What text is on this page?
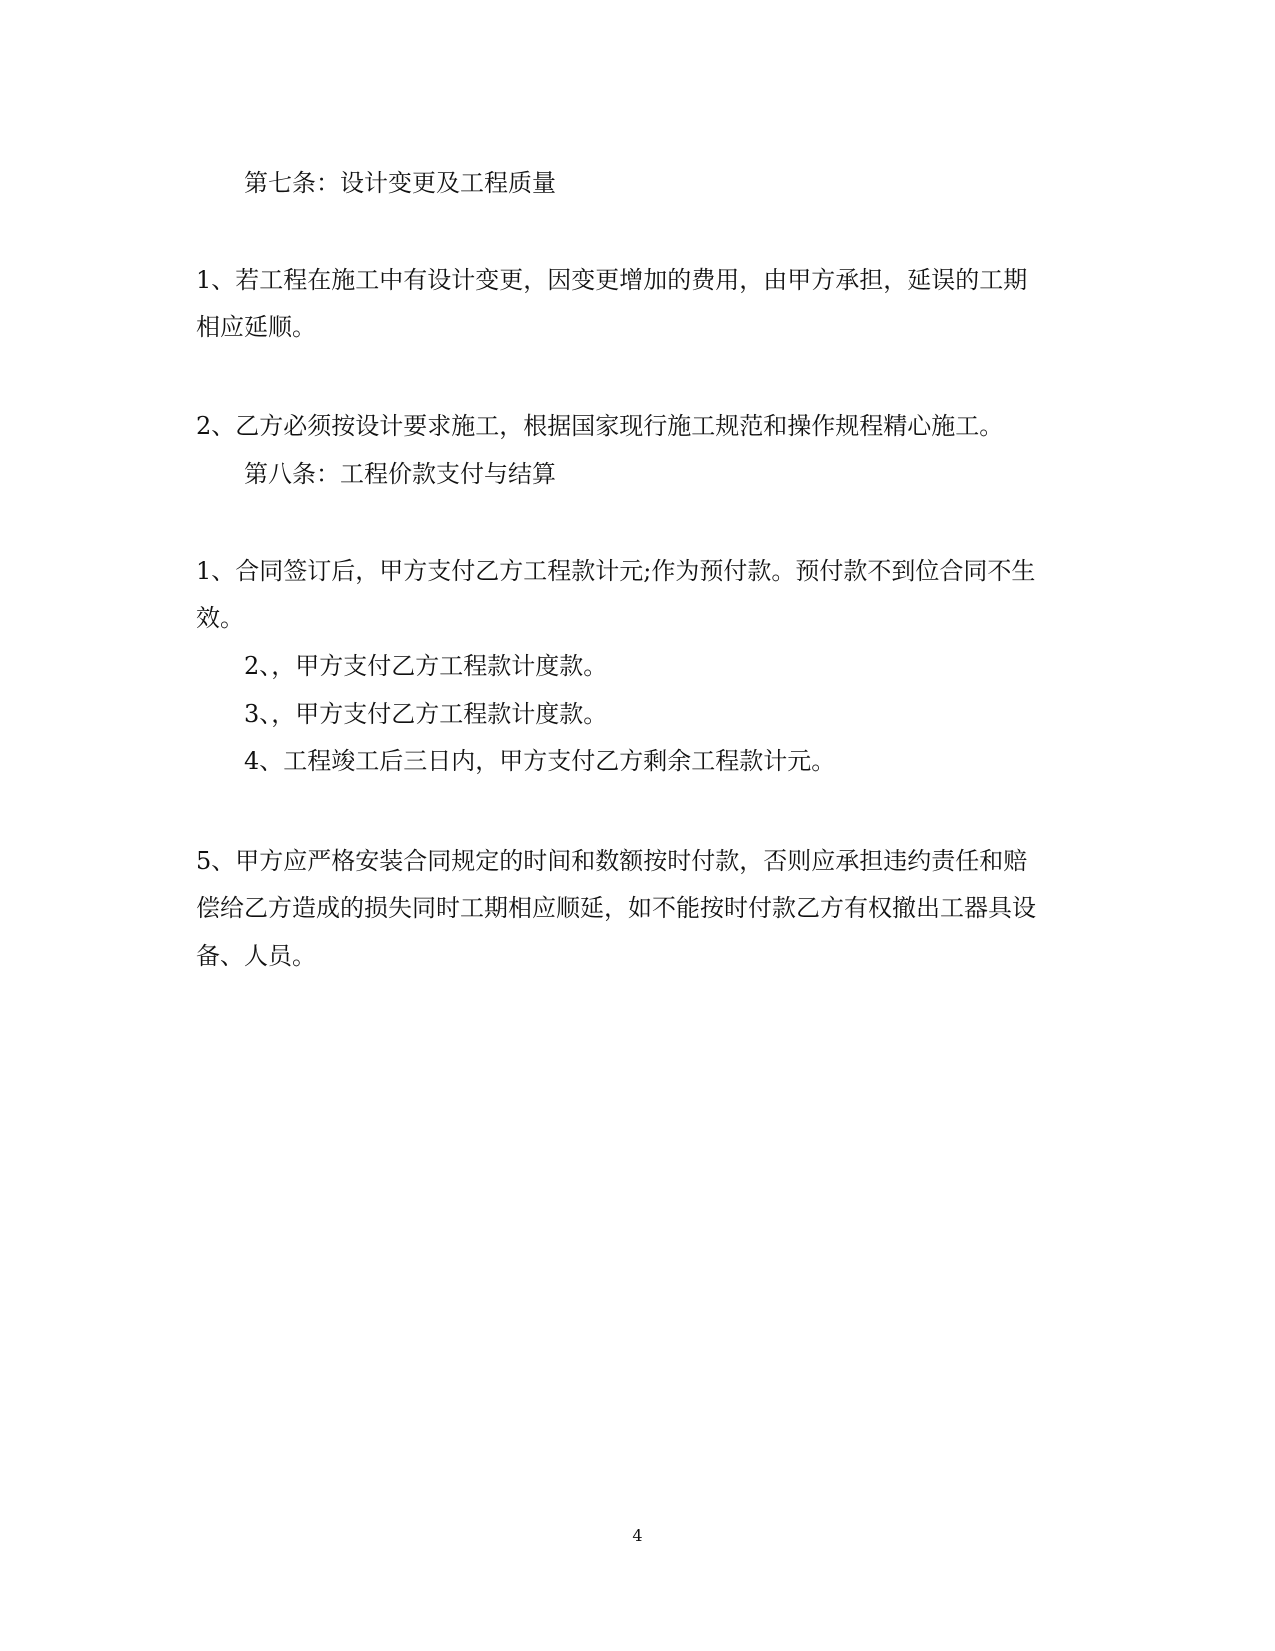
第七条：设计变更及工程质量
1、若工程在施工中有设计变更，因变更增加的费用，由甲方承担，延误的工期
相应延顺。
2、乙方必须按设计要求施工，根据国家现行施工规范和操作规程精心施工。
第八条：工程价款支付与结算
1、合同签订后，甲方支付乙方工程款计元;作为预付款。预付款不到位合同不生
效。
2、，甲方支付乙方工程款计度款。
3、，甲方支付乙方工程款计度款。
4、工程竣工后三日内，甲方支付乙方剩余工程款计元。
5、甲方应严格安装合同规定的时间和数额按时付款，否则应承担违约责任和赔
偿给乙方造成的损失同时工期相应顺延，如不能按时付款乙方有权撤出工器具设
备、人员。
4
